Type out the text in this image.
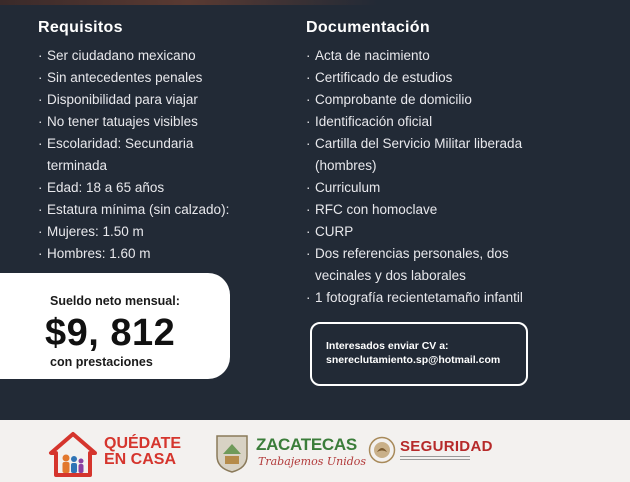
Requisitos
· Ser ciudadano mexicano
· Sin antecedentes penales
· Disponibilidad para viajar
· No tener tatuajes visibles
· Escolaridad: Secundaria
terminada
· Edad: 18 a 65 años
· Estatura mínima (sin calzado):
· Mujeres: 1.50 m
· Hombres: 1.60 m
Documentación
· Acta de nacimiento
· Certificado de estudios
· Comprobante de domicilio
· Identificación oficial
· Cartilla del Servicio Militar liberada
(hombres)
· Curriculum
· RFC con homoclave
· CURP
· Dos referencias personales, dos
vecinales y dos laborales
· 1 fotografía recientetamaño infantil
Sueldo neto mensual:
$9, 812
con prestaciones
Interesados enviar CV a:
snereclutamiento.sp@hotmail.com
QUÉDATE
EN CASA
ZACATECAS
Trabajemos Unidos
SEGURIDAD
